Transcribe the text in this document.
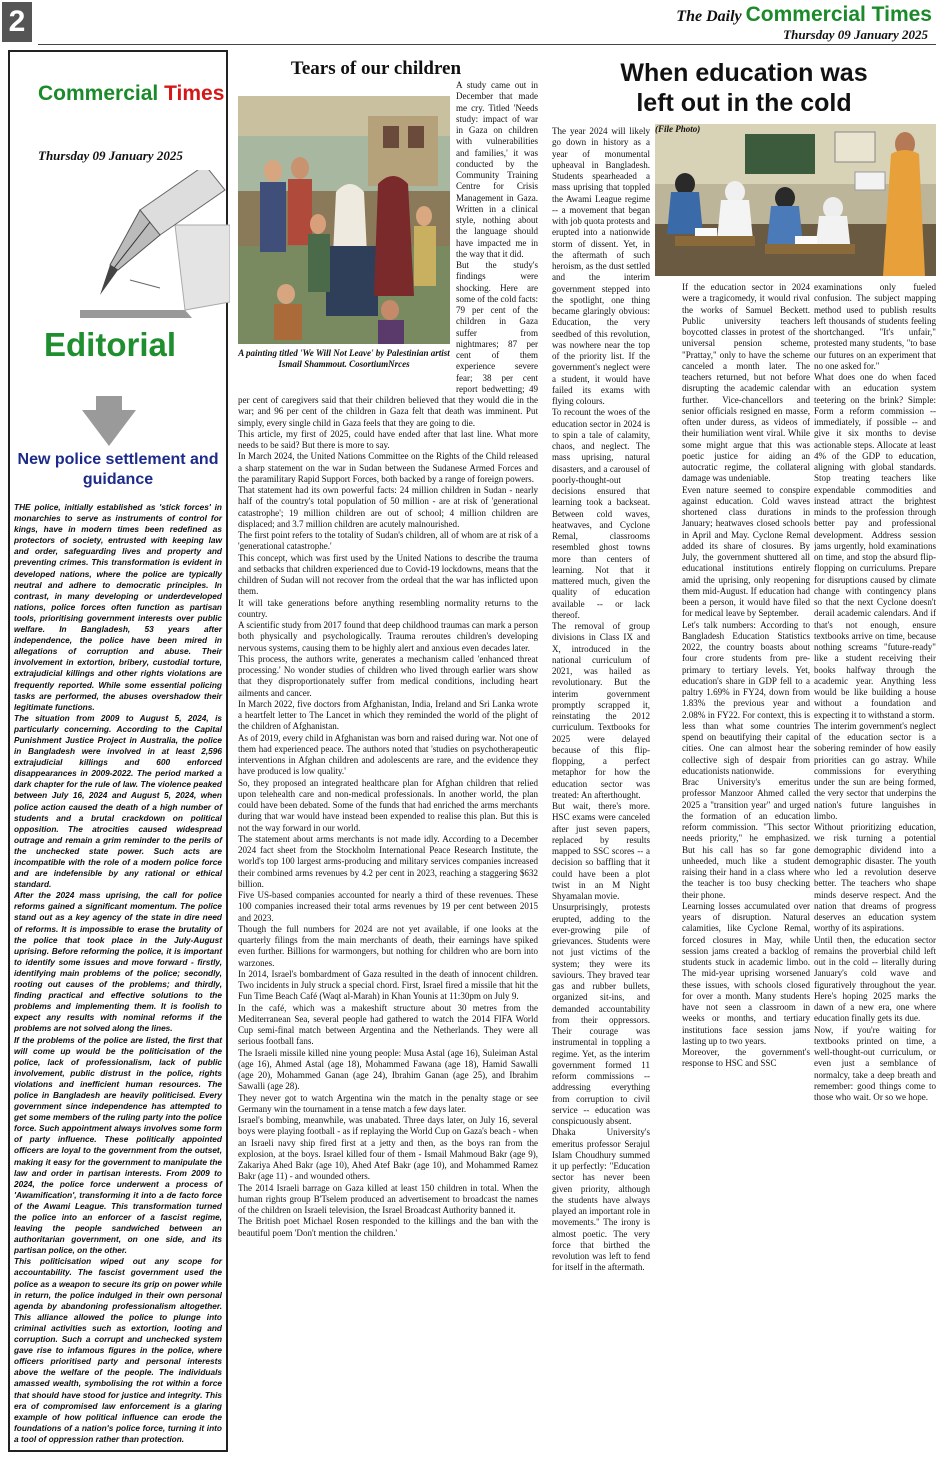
2	The Daily Commercial Times
Thursday 09 January 2025
Commercial Times
Thursday 09 January 2025
Editorial
New police settlement and guidance

THE police, initially established as 'stick forces' in monarchies to serve as instruments of control for kings, have in modern times been redefined as protectors of society, entrusted with keeping law and order, safeguarding lives and property and preventing crimes. This transformation is evident in developed nations, where the police are typically neutral and adhere to democratic principles. In contrast, in many developing or underdeveloped nations, police forces often function as partisan tools, prioritising government interests over public welfare. In Bangladesh, 53 years after independence, the police have been mired in allegations of corruption and abuse. Their involvement in extortion, bribery, custodial torture, extrajudicial killings and other rights violations are frequently reported. While some essential policing tasks are performed, the abuses overshadow their legitimate functions.

The situation from 2009 to August 5, 2024, is particularly concerning. According to the Capital Punishment Justice Project in Australia, the police in Bangladesh were involved in at least 2,596 extrajudicial killings and 600 enforced disappearances in 2009-2022. The period marked a dark chapter for the rule of law. The violence peaked between July 16, 2024 and August 5, 2024, when police action caused the death of a high number of students and a brutal crackdown on political opposition. The atrocities caused widespread outrage and remain a grim reminder to the perils of the unchecked state power. Such acts are incompatible with the role of a modern police force and are indefensible by any rational or ethical standard.

After the 2024 mass uprising, the call for police reforms gained a significant momentum. The police stand out as a key agency of the state in dire need of reforms. It is impossible to erase the brutality of the police that took place in the July-August uprising. Before reforming the police, it is important to identify some issues and move forward - firstly, identifying main problems of the police; secondly, rooting out causes of the problems; and thirdly, finding practical and effective solutions to the problems and implementing them. It is foolish to expect any results with nominal reforms if the problems are not solved along the lines.

If the problems of the police are listed, the first that will come up would be the politicisation of the police, lack of professionalism, lack of public involvement, public distrust in the police, rights violations and inefficient human resources. The police in Bangladesh are heavily politicised. Every government since independence has attempted to get some members of the ruling party into the police force. Such appointment always involves some form of party influence. These politically appointed officers are loyal to the government from the outset, making it easy for the government to manipulate the law and order in partisan interests. From 2009 to 2024, the police force underwent a process of 'Awamification', transforming it into a de facto force of the Awami League. This transformation turned the police into an enforcer of a fascist regime, leaving the people sandwiched between an authoritarian government, on one side, and its partisan police, on the other.

This politicisation wiped out any scope for accountability. The fascist government used the police as a weapon to secure its grip on power while in return, the police indulged in their own personal agenda by abandoning professionalism altogether. This alliance allowed the police to plunge into criminal activities such as extortion, looting and corruption. Such a corrupt and unchecked system gave rise to infamous figures in the police, where officers prioritised party and personal interests above the welfare of the people. The individuals amassed wealth, symbolising the rot within a force that should have stood for justice and integrity. This era of compromised law enforcement is a glaring example of how political influence can erode the foundations of a nation's police force, turning it into a tool of oppression rather than protection.

Tears of our children

A study came out in December that made me cry. Titled 'Needs study: impact of war in Gaza on children with vulnerabilities and families,' it was conducted by the Community Training Centre for Crisis Management in Gaza. Written in a clinical style, nothing about the language should have impacted me in the way that it did.

But the study's findings were shocking. Here are some of the cold facts: 79 per cent of the children in Gaza suffer from nightmares; 87 per cent of them experience severe fear; 38 per cent report bedwetting; 49 per cent of caregivers said that their children believed that they would die in the war; and 96 per cent of the children in Gaza felt that death was imminent. Put simply, every single child in Gaza feels that they are going to die.

This article, my first of 2025, could have ended after that last line. What more needs to be said? But there is more to say.

In March 2024, the United Nations Committee on the Rights of the Child released a sharp statement on the war in Sudan between the Sudanese Armed Forces and the paramilitary Rapid Support Forces, both backed by a range of foreign powers.

That statement had its own powerful facts: 24 million children in Sudan - nearly half of the country's total population of 50 million - are at risk of 'generational catastrophe'; 19 million children are out of school; 4 million children are displaced; and 3.7 million children are acutely malnourished.

The first point refers to the totality of Sudan's children, all of whom are at risk of a 'generational catastrophe.'

This concept, which was first used by the United Nations to describe the trauma and setbacks that children experienced due to Covid-19 lockdowns, means that the children of Sudan will not recover from the ordeal that the war has inflicted upon them.

It will take generations before anything resembling normality returns to the country.

A scientific study from 2017 found that deep childhood traumas can mark a person both physically and psychologically. Trauma reroutes children's developing nervous systems, causing them to be highly alert and anxious even decades later.

This process, the authors write, generates a mechanism called 'enhanced threat processing.' No wonder studies of children who lived through earlier wars show that they disproportionately suffer from medical conditions, including heart ailments and cancer.

In March 2022, five doctors from Afghanistan, India, Ireland and Sri Lanka wrote a heartfelt letter to The Lancet in which they reminded the world of the plight of the children of Afghanistan.

As of 2019, every child in Afghanistan was born and raised during war. Not one of them had experienced peace. The authors noted that 'studies on psychotherapeutic interventions in Afghan children and adolescents are rare, and the evidence they have produced is low quality.'

So, they proposed an integrated healthcare plan for Afghan children that relied upon telehealth care and non-medical professionals. In another world, the plan could have been debated. Some of the funds that had enriched the arms merchants during that war would have instead been expended to realise this plan. But this is not the way forward in our world.

The statement about arms merchants is not made idly. According to a December 2024 fact sheet from the Stockholm International Peace Research Institute, the world's top 100 largest arms-producing and military services companies increased their combined arms revenues by 4.2 per cent in 2023, reaching a staggering $632 billion.

Five US-based companies accounted for nearly a third of these revenues. These 100 companies increased their total arms revenues by 19 per cent between 2015 and 2023.

Though the full numbers for 2024 are not yet available, if one looks at the quarterly filings from the main merchants of death, their earnings have spiked even further. Billions for warmongers, but nothing for children who are born into warzones.

In 2014, Israel's bombardment of Gaza resulted in the death of innocent children. Two incidents in July struck a special chord. First, Israel fired a missile that hit the Fun Time Beach Café (Waqt al-Marah) in Khan Younis at 11:30pm on July 9.

In the café, which was a makeshift structure about 30 metres from the Mediterranean Sea, several people had gathered to watch the 2014 FIFA World Cup semi-final match between Argentina and the Netherlands. They were all serious football fans.

The Israeli missile killed nine young people: Musa Astal (age 16), Suleiman Astal (age 16), Ahmed Astal (age 18), Mohammed Fawana (age 18), Hamid Sawalli (age 20), Mohammed Ganan (age 24), Ibrahim Ganan (age 25), and Ibrahim Sawalli (age 28).

They never got to watch Argentina win the match in the penalty stage or see Germany win the tournament in a tense match a few days later.

Israel's bombing, meanwhile, was unabated. Three days later, on July 16, several boys were playing football - as if replaying the World Cup on Gaza's beach - when an Israeli navy ship fired first at a jetty and then, as the boys ran from the explosion, at the boys. Israel killed four of them - Ismail Mahmoud Bakr (age 9), Zakariya Ahed Bakr (age 10), Ahed Atef Bakr (age 10), and Mohammed Ramez Bakr (age 11) - and wounded others.

The 2014 Israeli barrage on Gaza killed at least 150 children in total. When the human rights group B'Tselem produced an advertisement to broadcast the names of the children on Israeli television, the Israel Broadcast Authority banned it.

The British poet Michael Rosen responded to the killings and the ban with the beautiful poem 'Don't mention the children.'

A painting titled 'We Will Not Leave' by Palestinian artist Ismail Shammout. CosortiumNrces
When education was
left out in the cold
(File Photo)

The year 2024 will likely go down in history as a year of monumental upheaval in Bangladesh. Students spearheaded a mass uprising that toppled the Awami League regime -- a movement that began with job quota protests and erupted into a nationwide storm of dissent. Yet, in the aftermath of such heroism, as the dust settled and the interim government stepped into the spotlight, one thing became glaringly obvious: Education, the very seedbed of this revolution, was nowhere near the top of the priority list. If the government's neglect were a student, it would have failed its exams with flying colours.

To recount the woes of the education sector in 2024 is to spin a tale of calamity, chaos, and neglect. The mass uprising, natural disasters, and a carousel of poorly-thought-out decisions ensured that learning took a backseat. Between cold waves, heatwaves, and Cyclone Remal, classrooms resembled ghost towns more than centers of learning. Not that it mattered much, given the quality of education available -- or lack thereof.

The removal of group divisions in Class IX and X, introduced in the national curriculum of 2021, was hailed as revolutionary. But the interim government promptly scrapped it, reinstating the 2012 curriculum. Textbooks for 2025 were delayed because of this flip-flopping, a perfect metaphor for how the education sector was treated: An afterthought.

But wait, there's more. HSC exams were canceled after just seven papers, replaced by results mapped to SSC scores -- a decision so baffling that it could have been a plot twist in an M Night Shyamalan movie.

Unsurprisingly, protests erupted, adding to the ever-growing pile of grievances. Students were not just victims of the system; they were its saviours. They braved tear gas and rubber bullets, organized sit-ins, and demanded accountability from their oppressors. Their courage was instrumental in toppling a regime. Yet, as the interim government formed 11 reform commissions -- addressing everything from corruption to civil service -- education was conspicuously absent.

Dhaka University's emeritus professor Serajul Islam Choudhury summed it up perfectly: "Education sector has never been given priority, although the students have always played an important role in movements." The irony is almost poetic. The very force that birthed the revolution was left to fend for itself in the aftermath.

If the education sector in 2024 were a tragicomedy, it would rival the works of Samuel Beckett. Public university teachers boycotted classes in protest of the universal pension scheme, "Prattay," only to have the scheme canceled a month later. The teachers returned, but not before disrupting the academic calendar further. Vice-chancellors and senior officials resigned en masse, often under duress, as videos of their humiliation went viral. While some might argue that this was poetic justice for aiding an autocratic regime, the collateral damage was undeniable.

Even nature seemed to conspire against education. Cold waves shortened class durations in January; heatwaves closed schools in April and May. Cyclone Remal added its share of closures. By July, the government shuttered all educational institutions entirely amid the uprising, only reopening them mid-August. If education had been a person, it would have filed for medical leave by September.

Let's talk numbers: According to Bangladesh Education Statistics 2022, the country boasts about four crore students from pre-primary to tertiary levels. Yet, education's share in GDP fell to a paltry 1.69% in FY24, down from 1.83% the previous year and 2.08% in FY22. For context, this is less than what some countries spend on beautifying their capital cities. One can almost hear the collective sigh of despair from educationists nationwide.

Brac University's emeritus professor Manzoor Ahmed called 2025 a "transition year" and urged the formation of an education reform commission. "This sector needs priority," he emphasized. But his call has so far gone unheeded, much like a student raising their hand in a class where the teacher is too busy checking their phone.

Learning losses accumulated over years of disruption. Natural calamities, like Cyclone Remal, forced closures in May, while session jams created a backlog of students stuck in academic limbo. The mid-year uprising worsened these issues, with schools closed for over a month. Many students have not seen a classroom in weeks or months, and tertiary institutions face session jams lasting up to two years.

Moreover, the government's response to HSC and SSC

examinations only fueled confusion. The subject mapping method used to publish results left thousands of students feeling shortchanged. "It's unfair," protested many students, "to base our futures on an experiment that no one asked for."

What does one do when faced with an education system teetering on the brink? Simple: Form a reform commission -- immediately, if possible -- and give it six months to devise actionable steps. Allocate at least 4% of the GDP to education, aligning with global standards. Stop treating teachers like expendable commodities and instead attract the brightest minds to the profession through better pay and professional development. Address session jams urgently, hold examinations on time, and stop the absurd flip-flopping on curriculums. Prepare for disruptions caused by climate change with contingency plans so that the next Cyclone doesn't derail academic calendars. And if that's not enough, ensure textbooks arrive on time, because nothing screams "future-ready" like a student receiving their books halfway through the academic year. Anything less would be like building a house without a foundation and expecting it to withstand a storm.

The interim government's neglect of the education sector is a sobering reminder of how easily priorities can go astray. While commissions for everything under the sun are being formed, the very sector that underpins the nation's future languishes in limbo.

Without prioritizing education, we risk turning a potential demographic dividend into a demographic disaster. The youth who led a revolution deserve better. The teachers who shape minds deserve respect. And the nation that dreams of progress deserves an education system worthy of its aspirations.

Until then, the education sector remains the proverbial child left out in the cold -- literally during January's cold wave and figuratively throughout the year. Here's hoping 2025 marks the dawn of a new era, one where education finally gets its due.

Now, if you're waiting for textbooks printed on time, a well-thought-out curriculum, or even just a semblance of normalcy, take a deep breath and remember: good things come to those who wait. Or so we hope.
